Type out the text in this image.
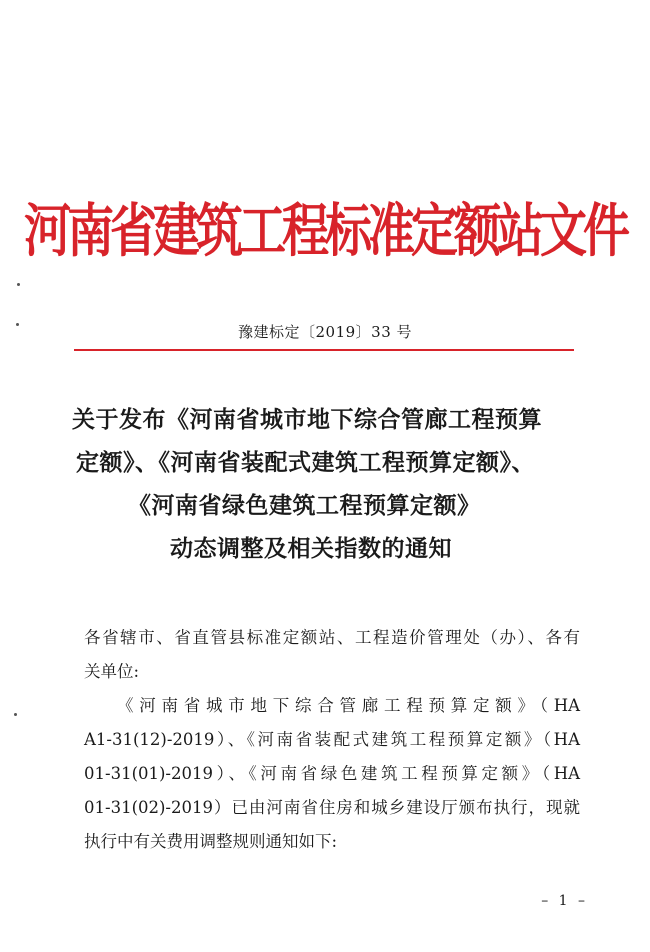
河南省建筑工程标准定额站文件
豫建标定〔2019〕33 号
关于发布《河南省城市地下综合管廊工程预算
定额》、《河南省装配式建筑工程预算定额》、
《河南省绿色建筑工程预算定额》
动态调整及相关指数的通知
各省辖市、省直管县标准定额站、工程造价管理处（办）、各有
关单位:
《河南省城市地下综合管廊工程预算定额》（HA
A1-31(12)-2019）、《河南省装配式建筑工程预算定额》（HA
01-31(01)-2019）、《河南省绿色建筑工程预算定额》（HA
01-31(02)-2019）已由河南省住房和城乡建设厅颁布执行，现就
执行中有关费用调整规则通知如下:
– 1 –
